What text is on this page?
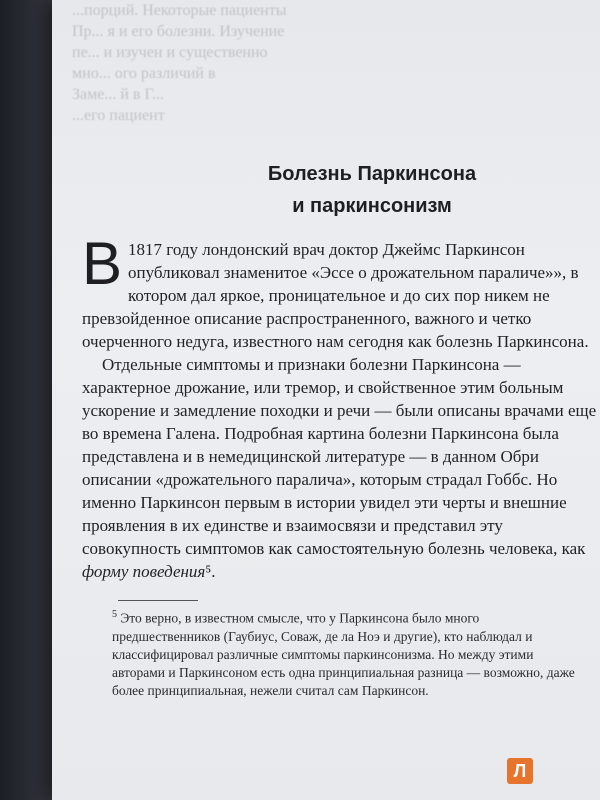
...порций. Некоторые пациенты
Пр... я и его болезни. Изучение
пе... и изучен и существенно
мно... ого различий в
Заме... й в Г...
...его пациент
Болезнь Паркинсона
и паркинсонизм

В 1817 году лондонский врач доктор Джеймс Паркинсон опубликовал знаменитое «Эссе о дрожательном параличе»», в котором дал яркое, проницательное и до сих пор никем не превзойденное описание распространенного, важного и четко очерченного недуга, известного нам сегодня как болезнь Паркинсона.

Отдельные симптомы и признаки болезни Паркинсона — характерное дрожание, или тремор, и свойственное этим больным ускорение и замедление походки и речи — были описаны врачами еще во времена Галена. Подробная картина болезни Паркинсона была представлена и в немедицинской литературе — в данном Обри описании «дрожательного паралича», которым страдал Гоббс. Но именно Паркинсон первым в истории увидел эти черты и внешние проявления в их единстве и взаимосвязи и представил эту совокупность симптомов как самостоятельную болезнь человека, как форму поведения⁵.

$^5$ Это верно, в известном смысле, что у Паркинсона было много предшественников (Гаубиус, Соваж, де ла Ноэ и другие), кто наблюдал и классифицировал различные симптомы паркинсонизма. Но между этими авторами и Паркинсоном есть одна принципиальная разница — возможно, даже более принципиальная, нежели считал сам Паркинсон.
Л
